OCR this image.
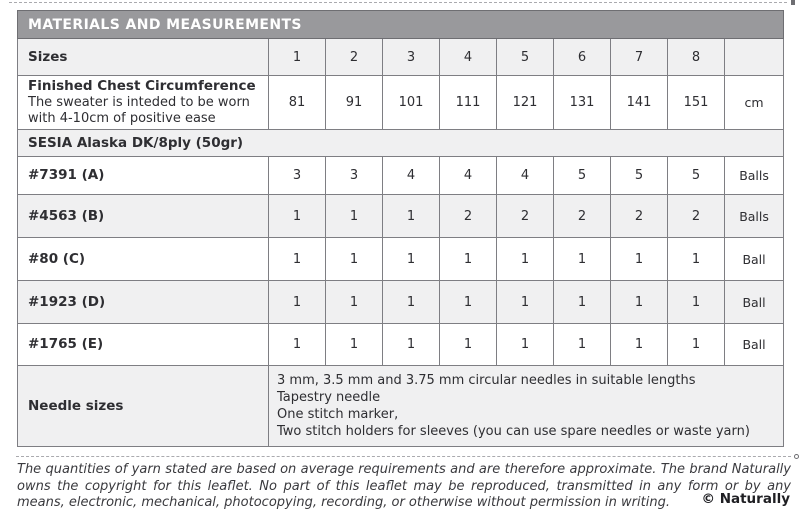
MATERIALS AND MEASUREMENTS									

Sizes	1	2	3	4	5	6	7	8	

Finished Chest Circumference
The sweater is inteded to be worn
with 4-10cm of positive ease	81	91	101	111	121	131	141	151	cm
SESIA Alaska DK/8ply (50gr)									

#7391 (A)	3	3	4	4	4	5	5	5	Balls

#4563 (B)	1	1	1	2	2	2	2	2	Balls

#80 (C)	1	1	1	1	1	1	1	1	Ball

#1923 (D)	1	1	1	1	1	1	1	1	Ball

#1765 (E)	1	1	1	1	1	1	1	1	Ball
Needle sizes	3 mm, 3.5 mm and 3.75 mm circular needles in suitable lengths
Tapestry needle
One stitch marker,
Two stitch holders for sleeves (you can use spare needles or waste yarn)								

The quantities of yarn stated are based on average requirements and are therefore approximate. The brand Naturally owns the copyright for this leaflet. No part of this leaflet may be reproduced, transmitted in any form or by any means, electronic, mechanical, photocopying, recording, or otherwise without permission in writing.	© Naturally
